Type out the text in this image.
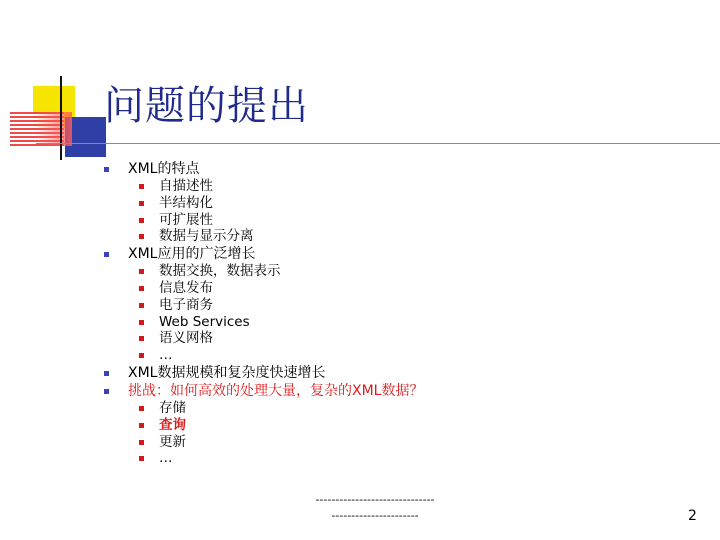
问题的提出
XML的特点
自描述性
半结构化
可扩展性
数据与显示分离
XML应用的广泛增长
数据交换，数据表示
信息发布
电子商务
Web Services
语义网格
…
XML数据规模和复杂度快速增长
挑战：如何高效的处理大量，复杂的XML数据？
存储
查询
更新
…
------------------------------
----------------------	2
